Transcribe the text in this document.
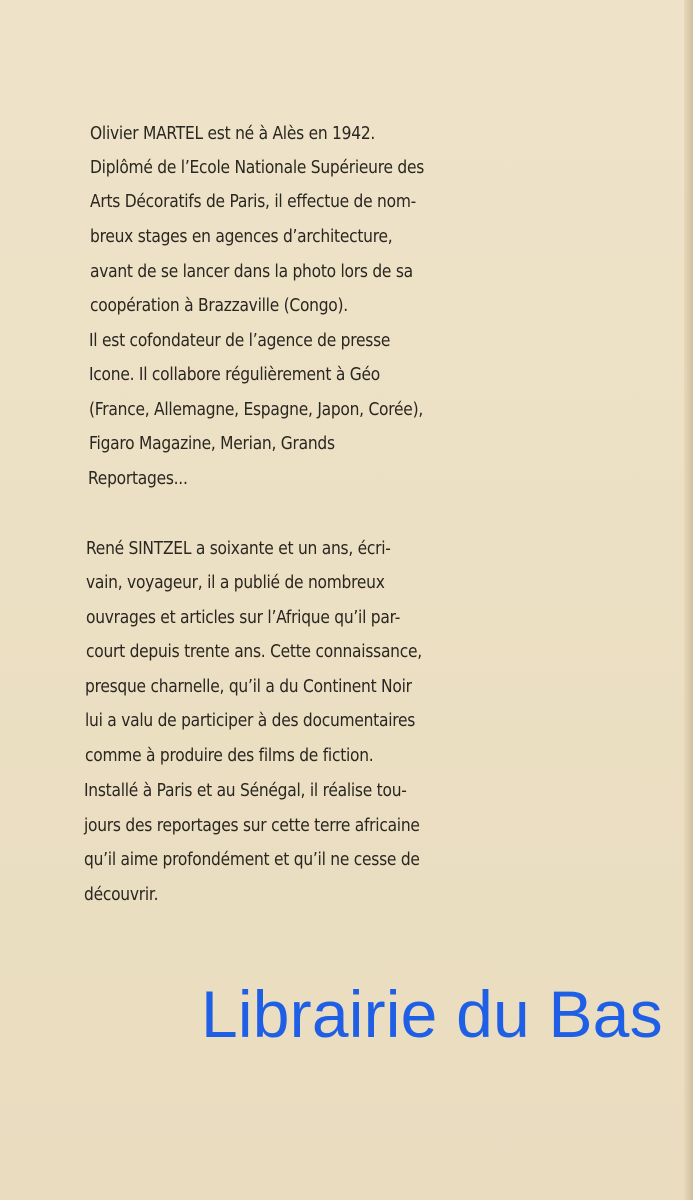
Olivier MARTEL est né à Alès en 1942.
Diplômé de l’Ecole Nationale Supérieure des
Arts Décoratifs de Paris, il effectue de nom-
breux stages en agences d’architecture,
avant de se lancer dans la photo lors de sa
coopération à Brazzaville (Congo).
Il est cofondateur de l’agence de presse
Icone. Il collabore régulièrement à Géo
(France, Allemagne, Espagne, Japon, Corée),
Figaro Magazine, Merian, Grands
Reportages...
René SINTZEL a soixante et un ans, écri-
vain, voyageur, il a publié de nombreux
ouvrages et articles sur l’Afrique qu’il par-
court depuis trente ans. Cette connaissance,
presque charnelle, qu’il a du Continent Noir
lui a valu de participer à des documentaires
comme à produire des films de fiction.
Installé à Paris et au Sénégal, il réalise tou-
jours des reportages sur cette terre africaine
qu’il aime profondément et qu’il ne cesse de
découvrir.
Librairie du Bas
